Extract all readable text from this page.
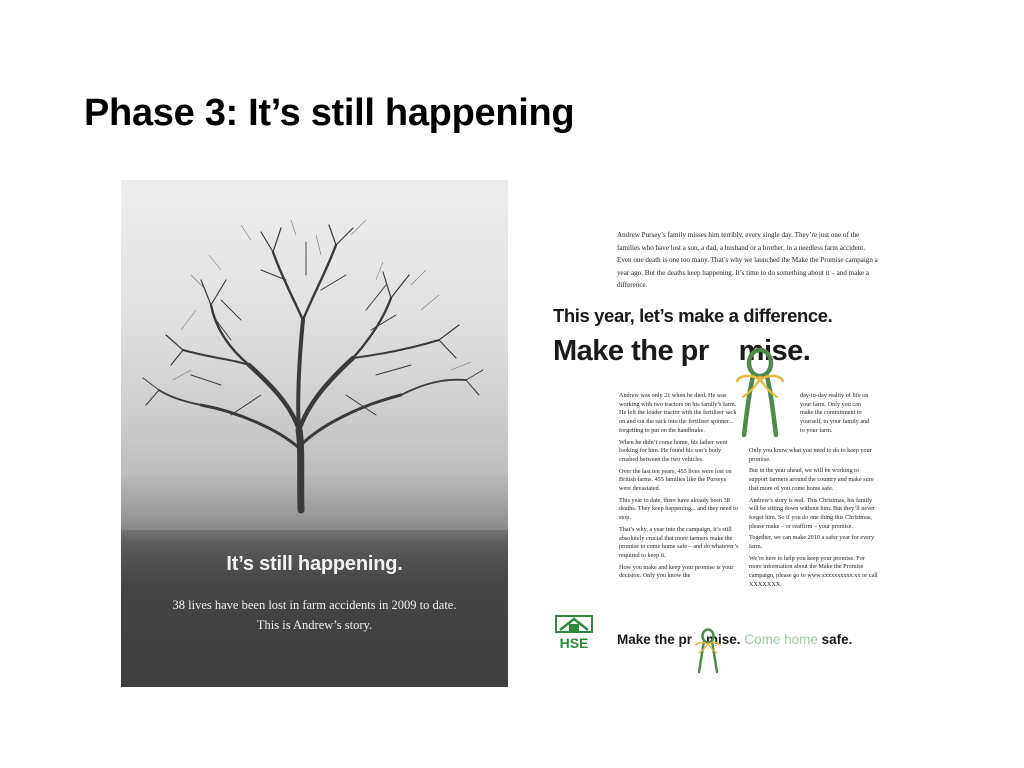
Phase 3: It’s still happening
It’s still happening.
38 lives have been lost in farm accidents in 2009 to date.
This is Andrew’s story.
Andrew Pursey’s family misses him terribly, every single day. They’re just one of the families who have lost a son, a dad, a husband or a brother, in a needless farm accident. Even one death is one too many. That’s why we launched the Make the Promise campaign a year ago. But the deaths keep happening. It’s time to do something about it – and make a difference.
This year, let’s make a difference.
Make the pr mise.

Andrew was only 21 when he died. He was working with two tractors on his family’s farm. He left the loader tractor with the fertiliser sack on and cut the sack into the fertiliser spinner... forgetting to put on the handbrake.

When he didn’t come home, his father went looking for him. He found his son’s body crushed between the two vehicles.

Over the last ten years, 455 lives were lost on British farms. 455 families like the Purseys were devastated.

This year to date, there have already been 38 deaths. They keep happening... and they need to stop.

That’s why, a year into the campaign, it’s still absolutely crucial that more farmers make the promise to come home safe – and do whatever’s required to keep it.

How you make and keep your promise is your decision. Only you know the

day-to-day reality of life on your farm. Only you can make the commitment to yourself, to your family and to your farm.

Only you know what you need to do to keep your promise.

But in the year ahead, we will be working to support farmers around the country and make sure that more of you come home safe.

Andrew’s story is real. This Christmas, his family will be sitting down without him. But they’ll never forget him. So if you do one thing this Christmas, please make – or reaffirm – your promise.

Together, we can make 2010 a safer year for every farm.

We’re here to help you keep your promise. For more information about the Make the Promise campaign, please go to www.xxxxxxxxxx.xx or call XXXXXXX.

HSE Make the pr mise. Come home safe.
